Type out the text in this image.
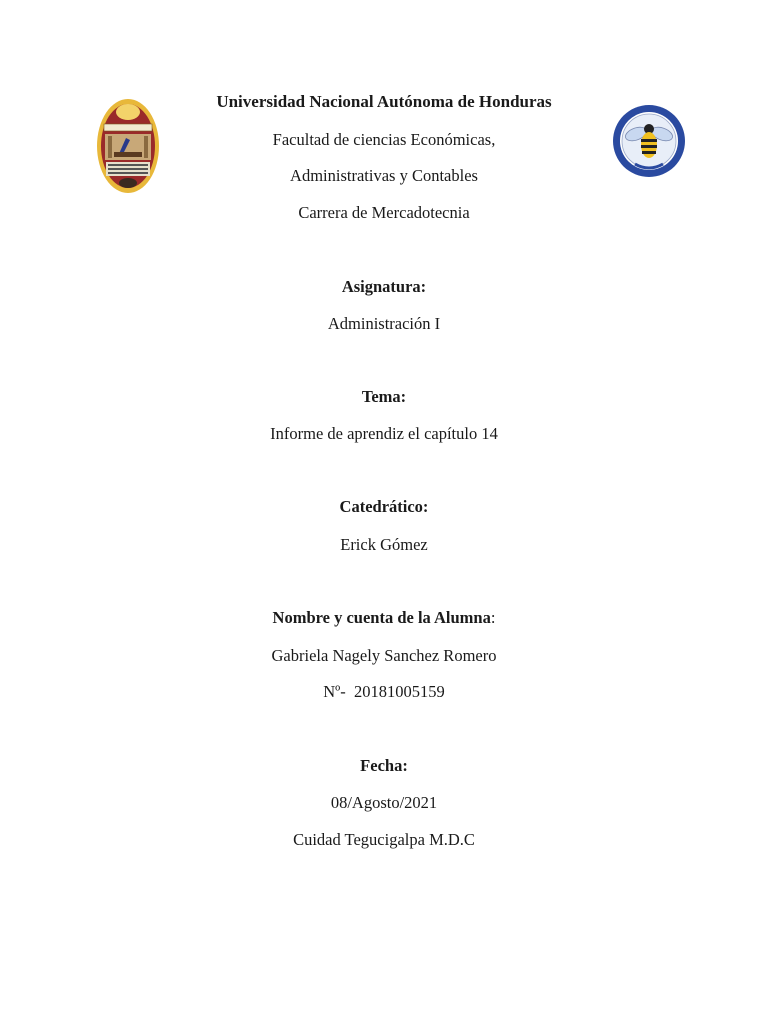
Universidad Nacional Autónoma de Honduras
Facultad de ciencias Económicas,
Administrativas y Contables
Carrera de Mercadotecnia
Asignatura:
Administración I
Tema:
Informe de aprendiz el capítulo 14
Catedrático:
Erick Gómez
Nombre y cuenta de la Alumna:
Gabriela Nagely Sanchez Romero
Nº-  20181005159
Fecha:
08/Agosto/2021
Cuidad Tegucigalpa M.D.C
